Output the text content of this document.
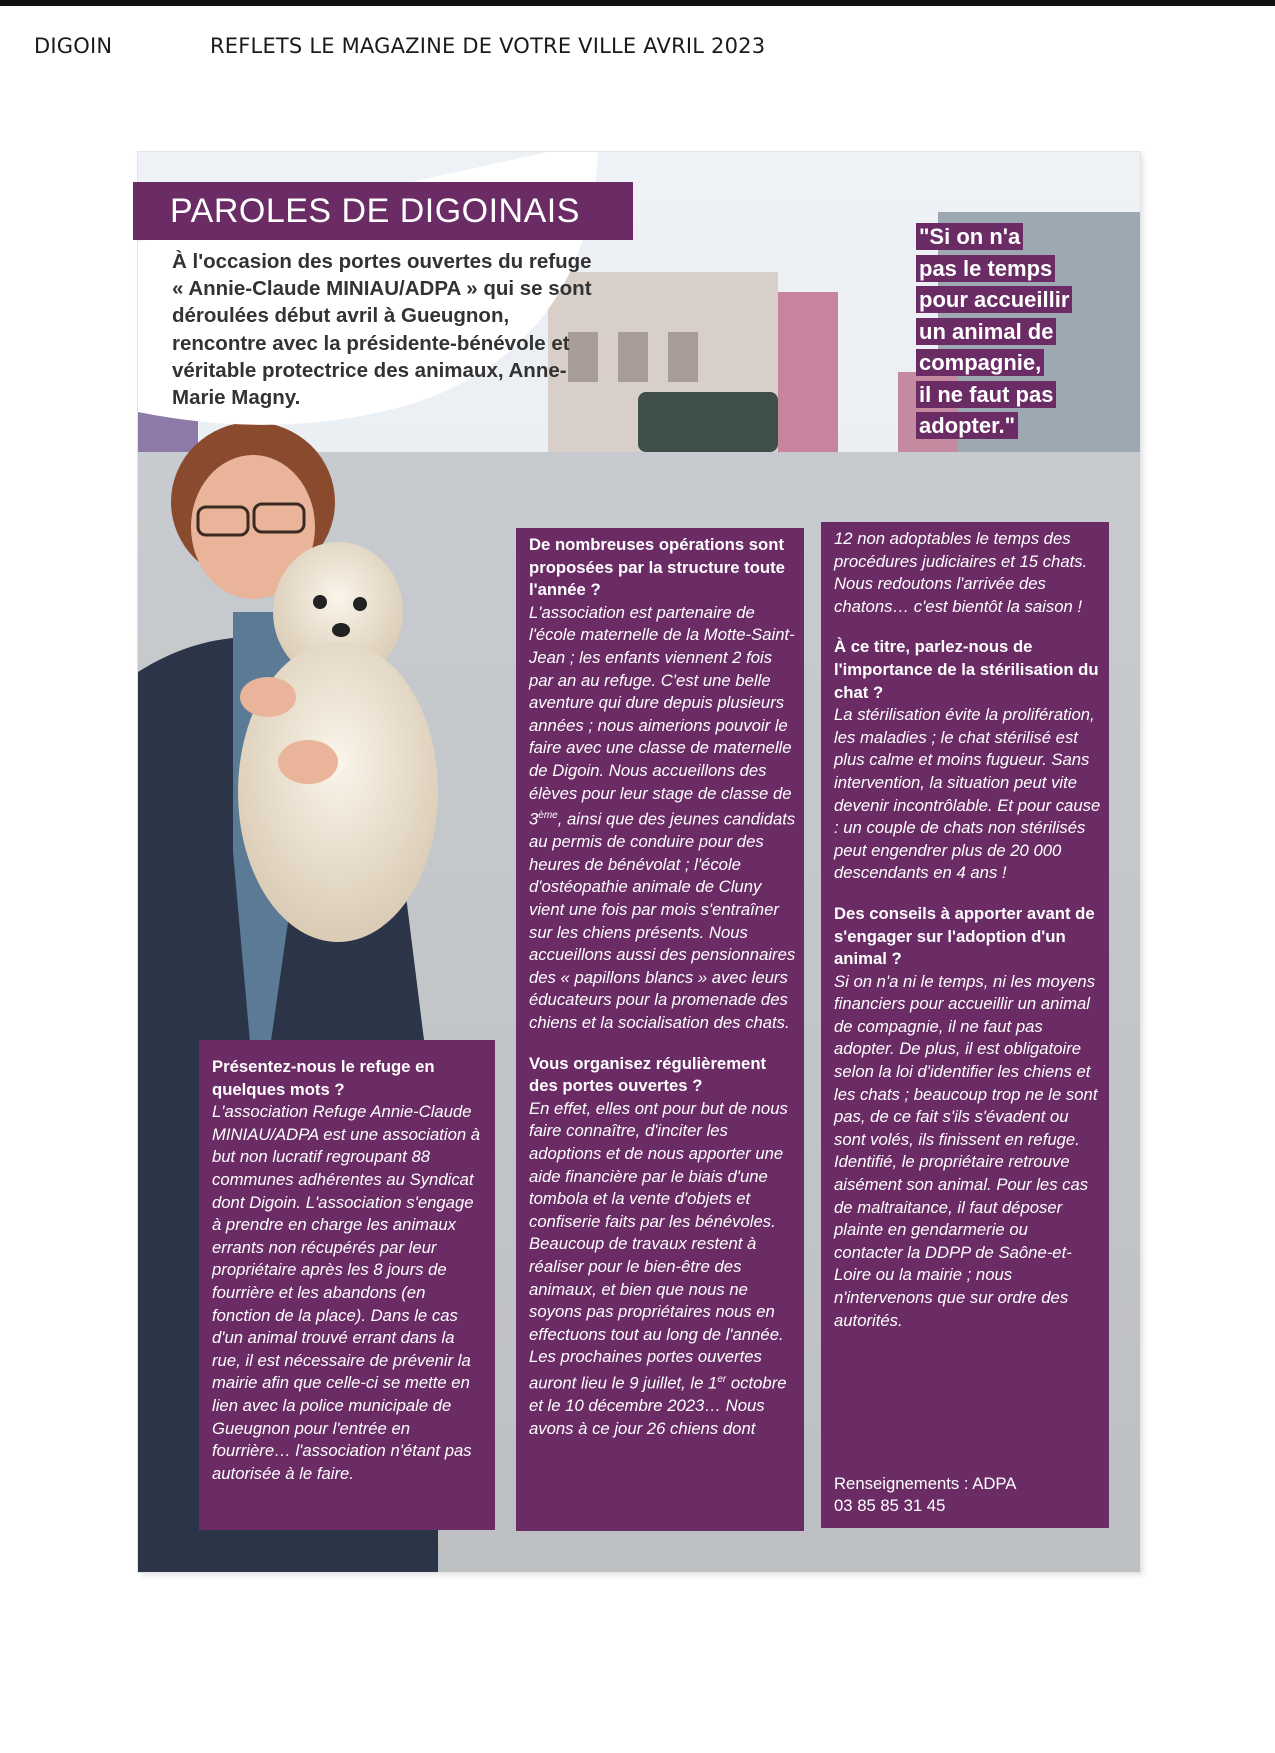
DIGOIN	REFLETS LE MAGAZINE DE VOTRE VILLE AVRIL 2023
PAROLES DE DIGOINAIS
À l'occasion des portes ouvertes du refuge « Annie-Claude MINIAU/ADPA » qui se sont déroulées début avril à Gueugnon, rencontre avec la présidente-bénévole et véritable protectrice des animaux, Anne-Marie Magny.
"Si on n'a
pas le temps
pour accueillir
un animal de
compagnie,
il ne faut pas
adopter."

Présentez-nous le refuge en quelques mots ?

L'association Refuge Annie-Claude MINIAU/ADPA est une association à but non lucratif regroupant 88 communes adhérentes au Syndicat dont Digoin. L'association s'engage à prendre en charge les animaux errants non récupérés par leur propriétaire après les 8 jours de fourrière et les abandons (en fonction de la place). Dans le cas d'un animal trouvé errant dans la rue, il est nécessaire de prévenir la mairie afin que celle-ci se mette en lien avec la police municipale de Gueugnon pour l'entrée en fourrière… l'association n'étant pas autorisée à le faire.

De nombreuses opérations sont proposées par la structure toute l'année ?

L'association est partenaire de l'école maternelle de la Motte-Saint-Jean ; les enfants viennent 2 fois par an au refuge. C'est une belle aventure qui dure depuis plusieurs années ; nous aimerions pouvoir le faire avec une classe de maternelle de Digoin. Nous accueillons des élèves pour leur stage de classe de 3ème, ainsi que des jeunes candidats au permis de conduire pour des heures de bénévolat ; l'école d'ostéopathie animale de Cluny vient une fois par mois s'entraîner sur les chiens présents. Nous accueillons aussi des pensionnaires des « papillons blancs » avec leurs éducateurs pour la promenade des chiens et la socialisation des chats.

Vous organisez régulièrement des portes ouvertes ?

En effet, elles ont pour but de nous faire connaître, d'inciter les adoptions et de nous apporter une aide financière par le biais d'une tombola et la vente d'objets et confiserie faits par les bénévoles. Beaucoup de travaux restent à réaliser pour le bien-être des animaux, et bien que nous ne soyons pas propriétaires nous en effectuons tout au long de l'année. Les prochaines portes ouvertes auront lieu le 9 juillet, le 1er octobre et le 10 décembre 2023… Nous avons à ce jour 26 chiens dont

12 non adoptables le temps des procédures judiciaires et 15 chats. Nous redoutons l'arrivée des chatons… c'est bientôt la saison !

À ce titre, parlez-nous de l'importance de la stérilisation du chat ?

La stérilisation évite la prolifération, les maladies ; le chat stérilisé est plus calme et moins fugueur. Sans intervention, la situation peut vite devenir incontrôlable. Et pour cause : un couple de chats non stérilisés peut engendrer plus de 20 000 descendants en 4 ans !

Des conseils à apporter avant de s'engager sur l'adoption d'un animal ?

Si on n'a ni le temps, ni les moyens financiers pour accueillir un animal de compagnie, il ne faut pas adopter. De plus, il est obligatoire selon la loi d'identifier les chiens et les chats ; beaucoup trop ne le sont pas, de ce fait s'ils s'évadent ou sont volés, ils finissent en refuge. Identifié, le propriétaire retrouve aisément son animal. Pour les cas de maltraitance, il faut déposer plainte en gendarmerie ou contacter la DDPP de Saône-et-Loire ou la mairie ; nous n'intervenons que sur ordre des autorités.

Renseignements : ADPA

03 85 85 31 45
